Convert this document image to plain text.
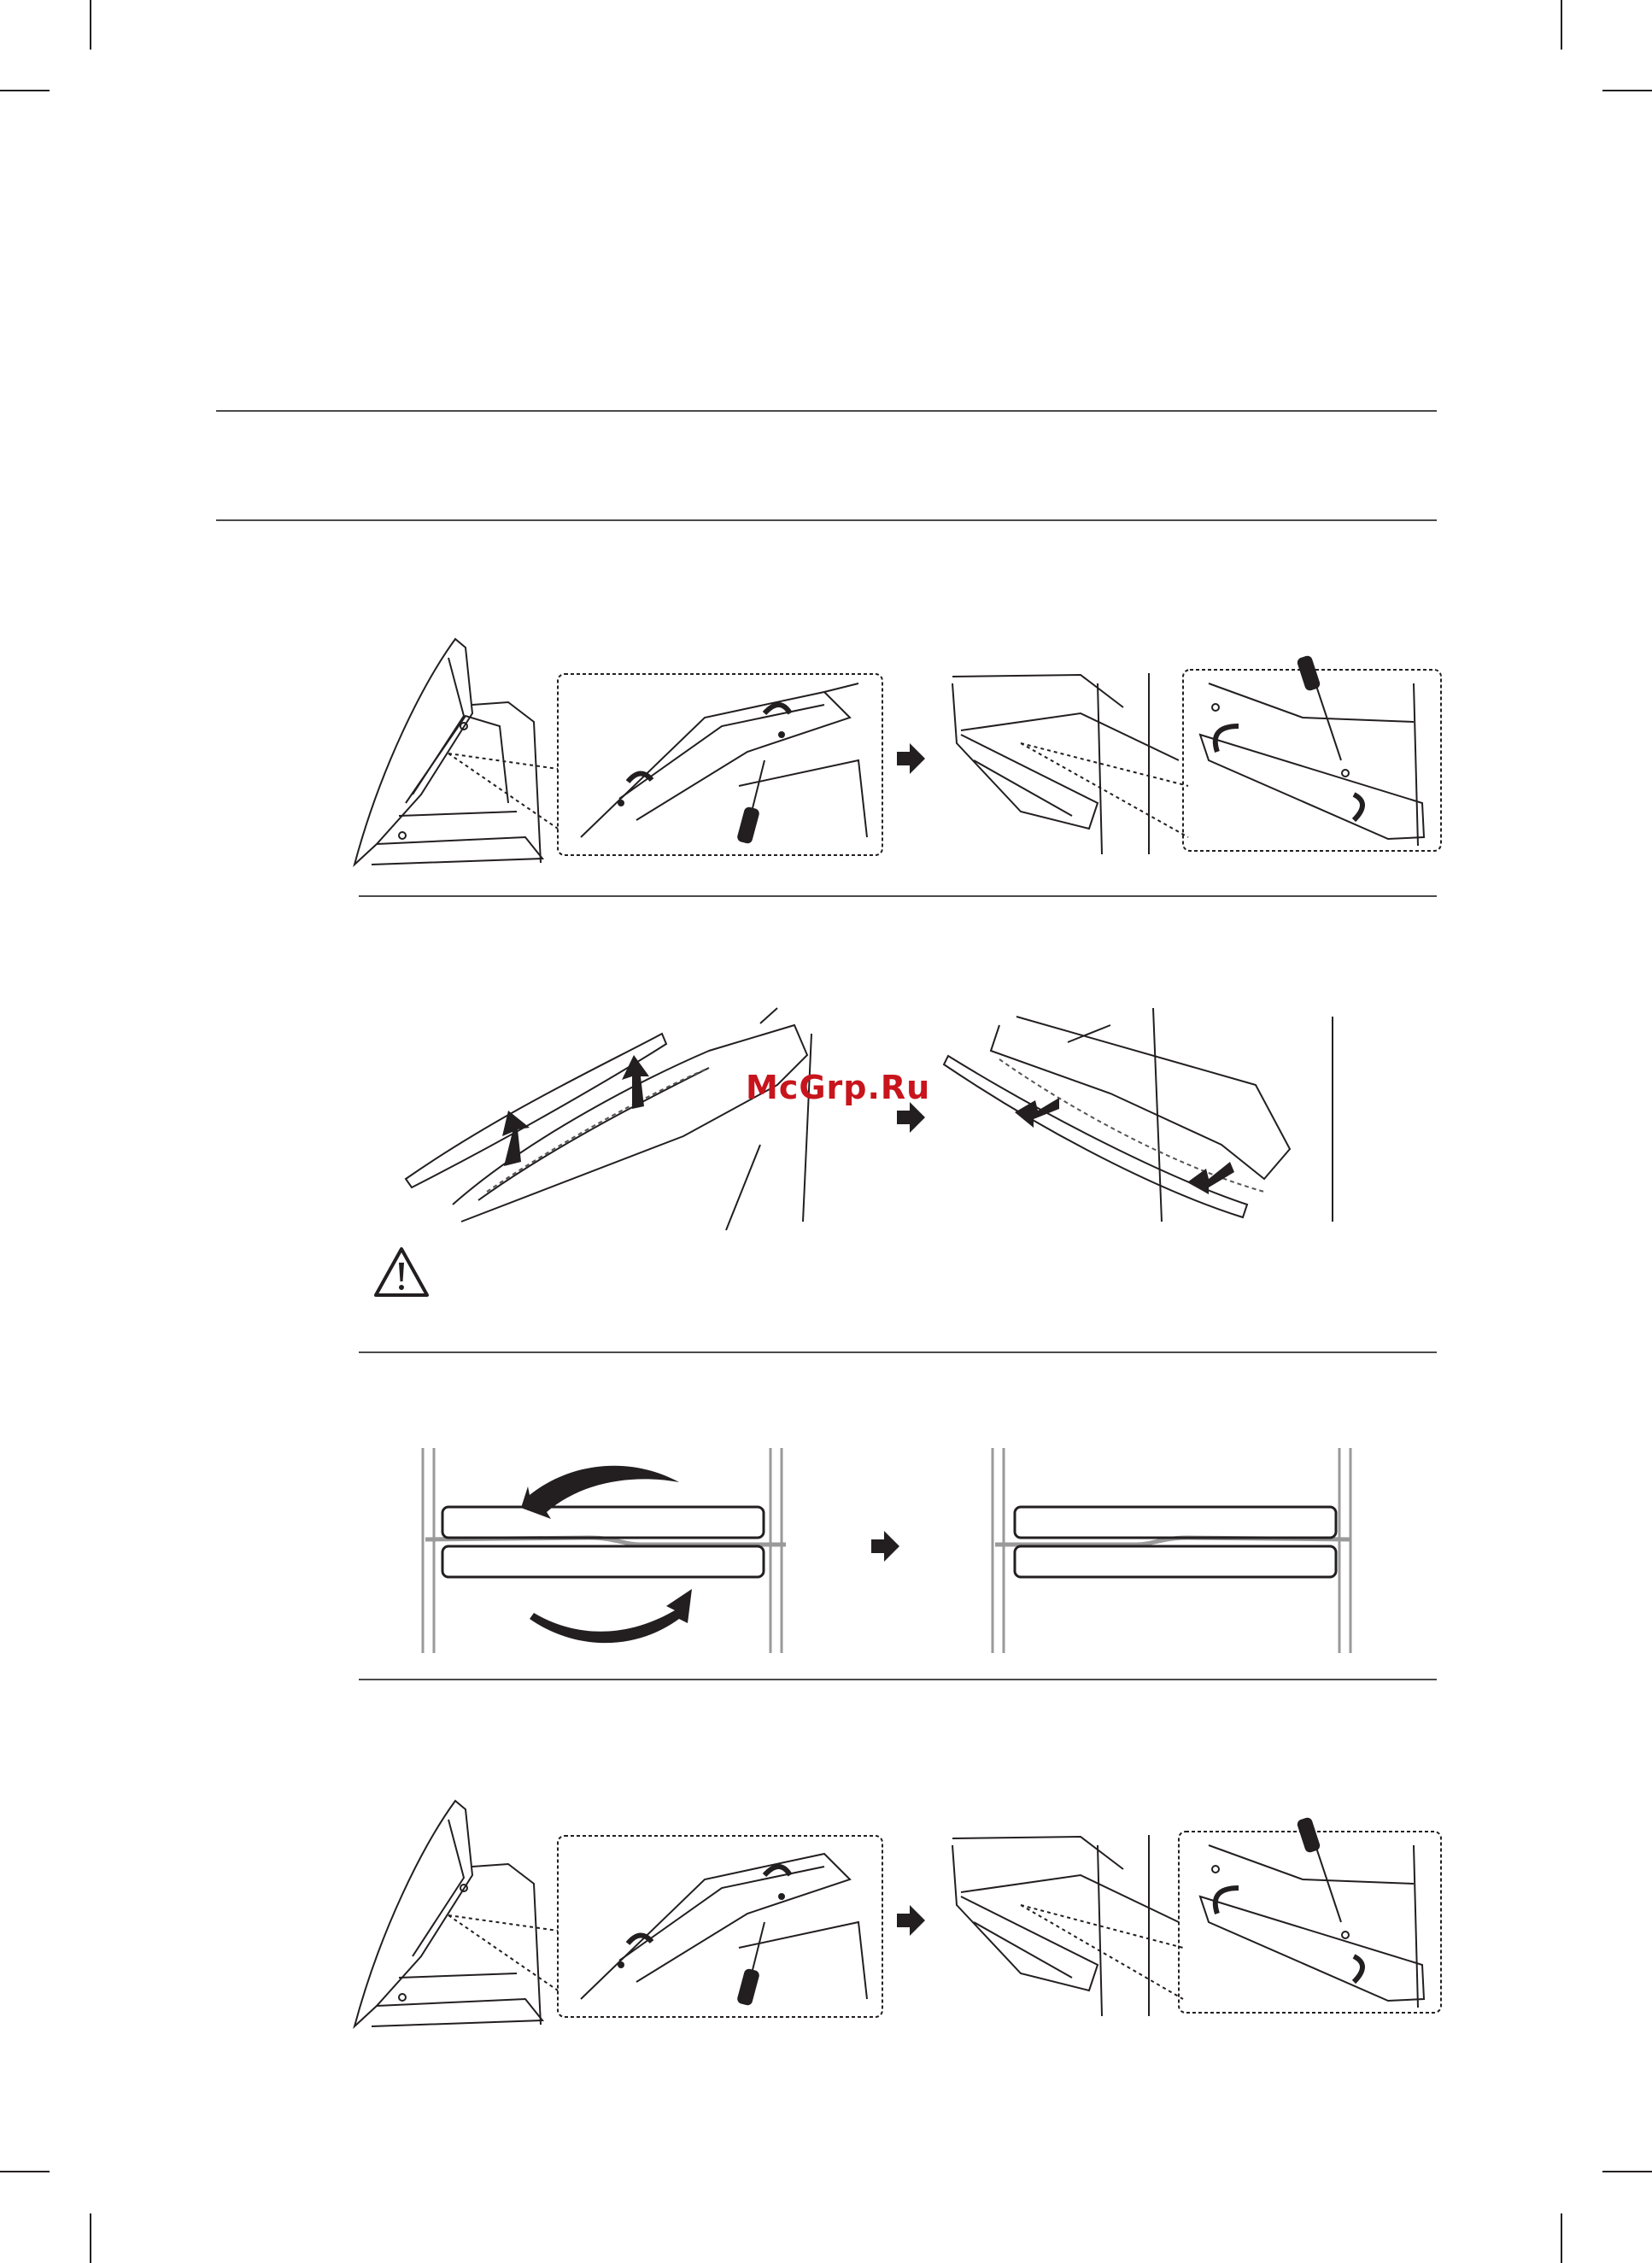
McGrp.Ru
